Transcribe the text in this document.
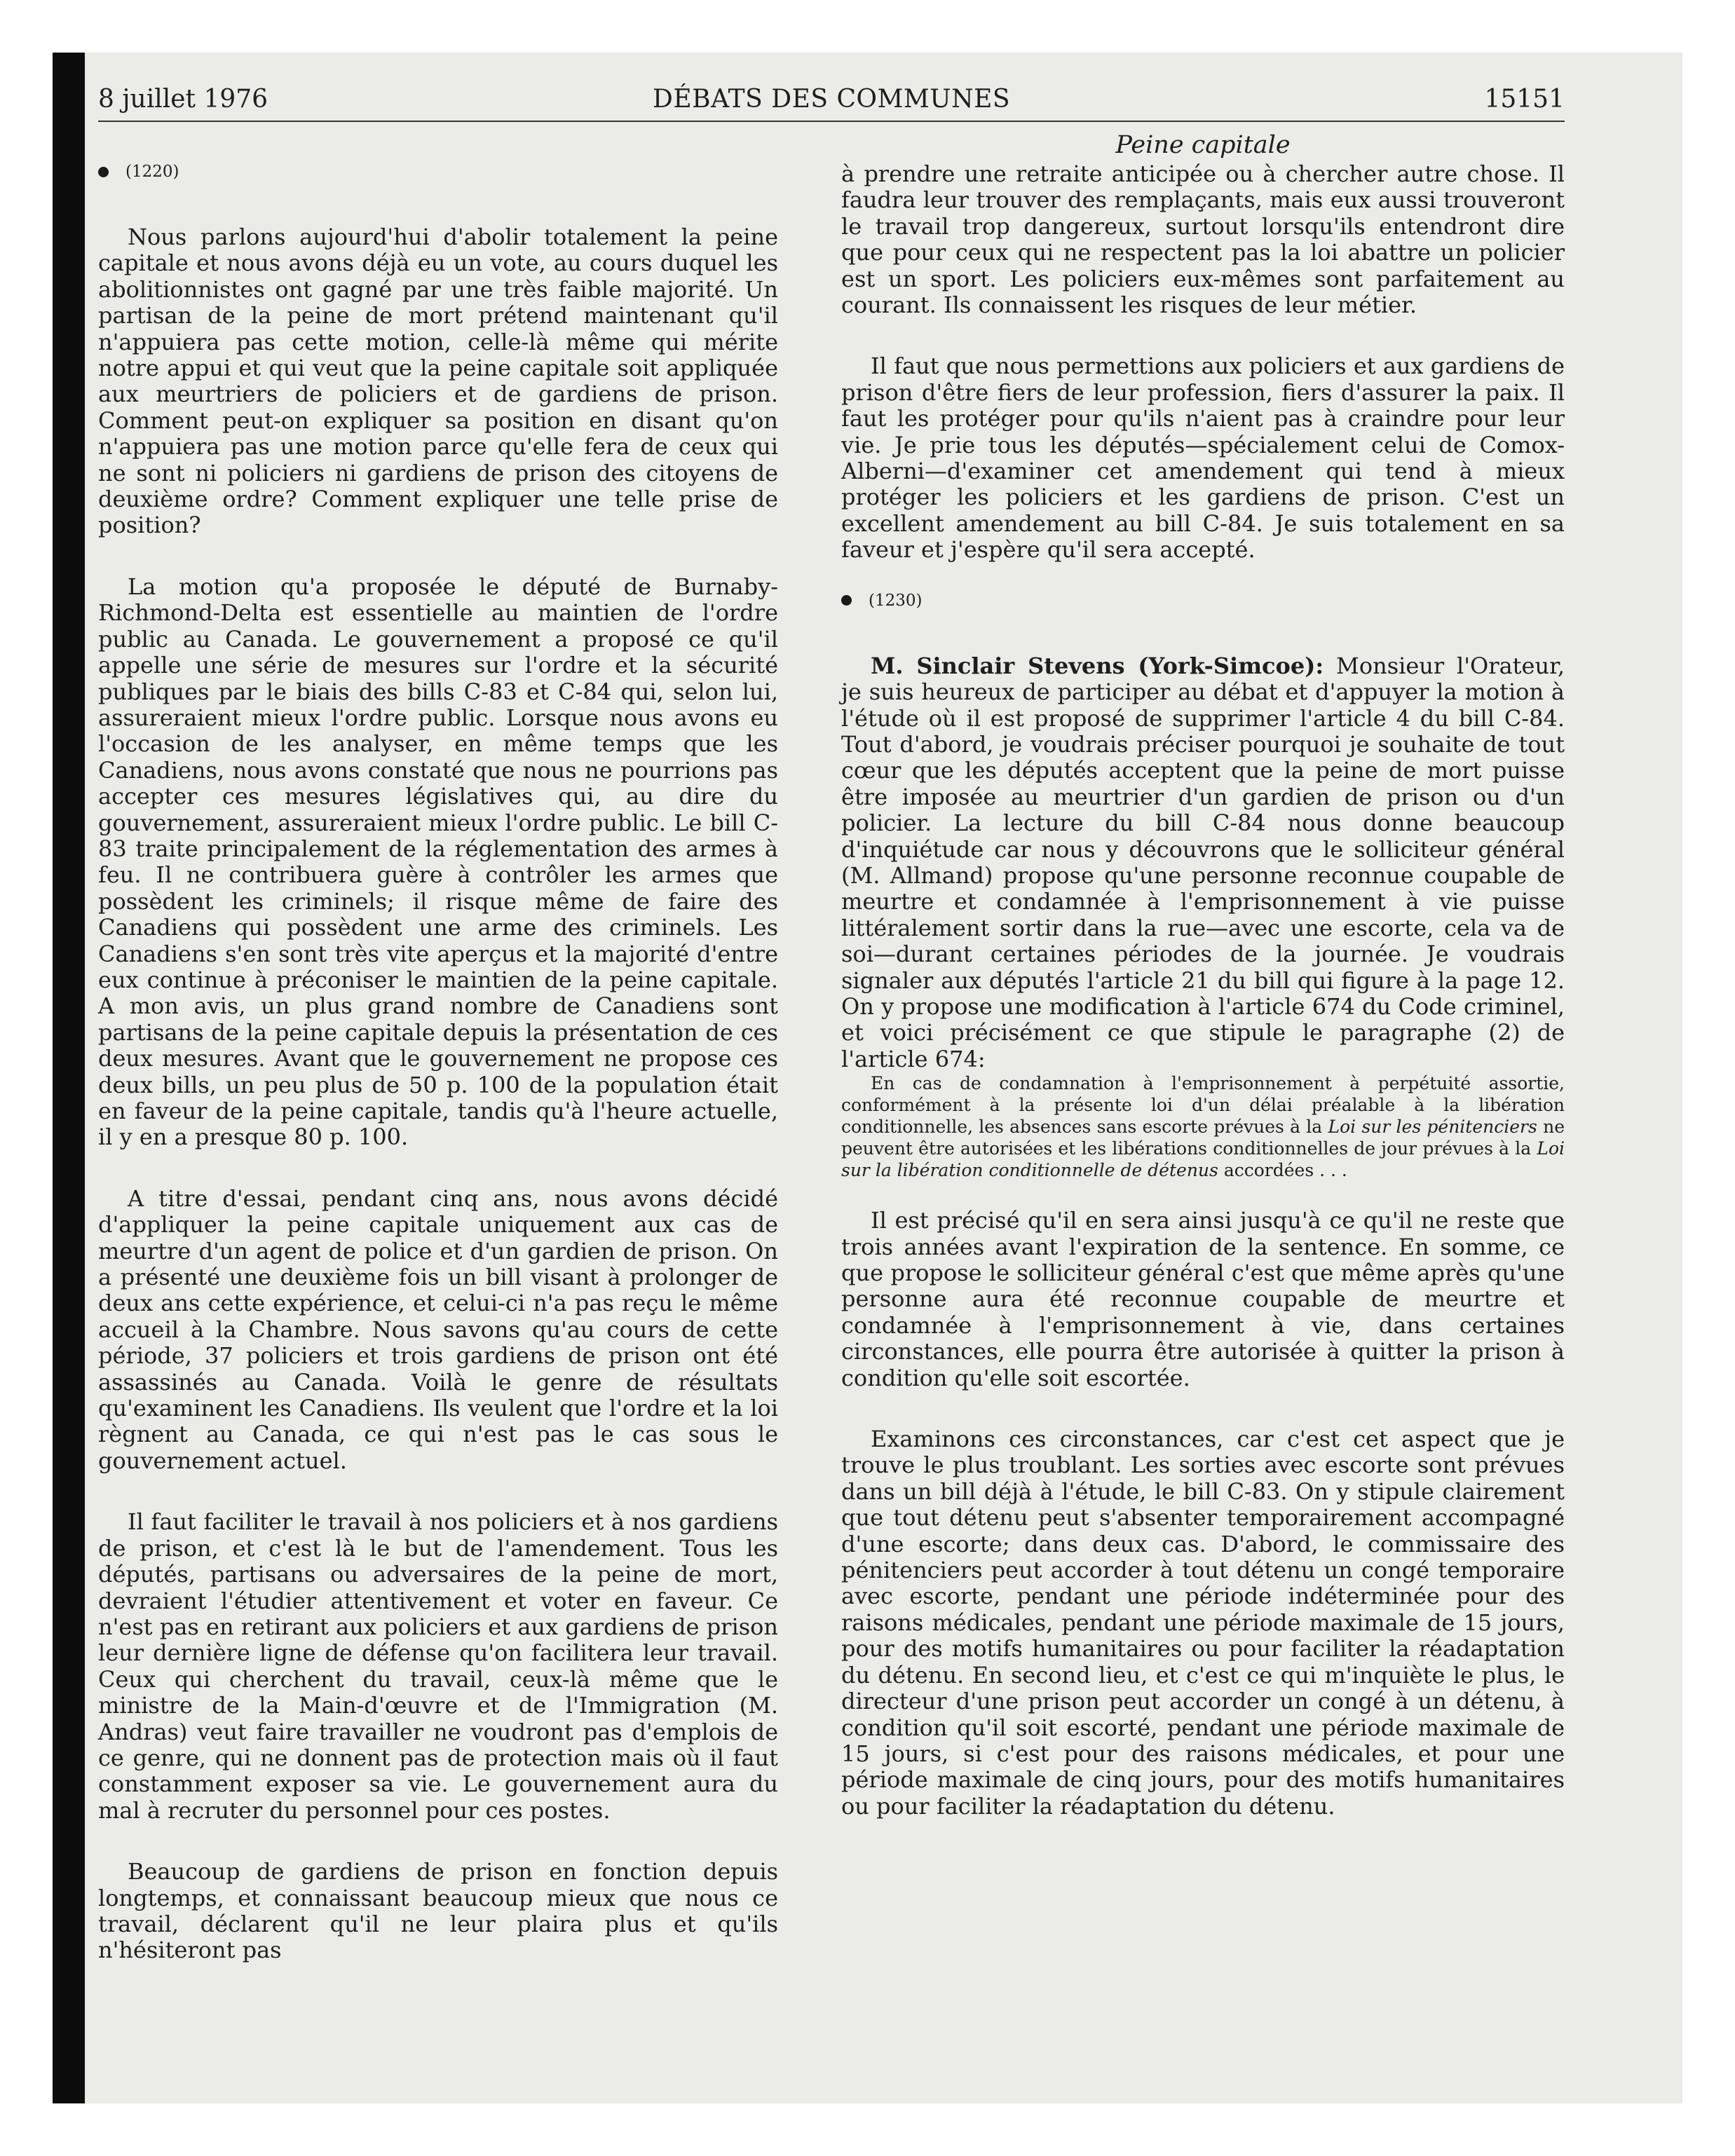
8 juillet 1976	DÉBATS DES COMMUNES	15151
Peine capitale
(1220)

Nous parlons aujourd'hui d'abolir totalement la peine capitale et nous avons déjà eu un vote, au cours duquel les abolitionnistes ont gagné par une très faible majorité. Un partisan de la peine de mort prétend maintenant qu'il n'appuiera pas cette motion, celle-là même qui mérite notre appui et qui veut que la peine capitale soit appliquée aux meurtriers de policiers et de gardiens de prison. Comment peut-on expliquer sa position en disant qu'on n'appuiera pas une motion parce qu'elle fera de ceux qui ne sont ni policiers ni gardiens de prison des citoyens de deuxième ordre? Comment expliquer une telle prise de position?

La motion qu'a proposée le député de Burnaby-Richmond-Delta est essentielle au maintien de l'ordre public au Canada. Le gouvernement a proposé ce qu'il appelle une série de mesures sur l'ordre et la sécurité publiques par le biais des bills C-83 et C-84 qui, selon lui, assureraient mieux l'ordre public. Lorsque nous avons eu l'occasion de les analyser, en même temps que les Canadiens, nous avons constaté que nous ne pourrions pas accepter ces mesures législatives qui, au dire du gouvernement, assureraient mieux l'ordre public. Le bill C-83 traite principalement de la réglementation des armes à feu. Il ne contribuera guère à contrôler les armes que possèdent les criminels; il risque même de faire des Canadiens qui possèdent une arme des criminels. Les Canadiens s'en sont très vite aperçus et la majorité d'entre eux continue à préconiser le maintien de la peine capitale. A mon avis, un plus grand nombre de Canadiens sont partisans de la peine capitale depuis la présentation de ces deux mesures. Avant que le gouvernement ne propose ces deux bills, un peu plus de 50 p. 100 de la population était en faveur de la peine capitale, tandis qu'à l'heure actuelle, il y en a presque 80 p. 100.

A titre d'essai, pendant cinq ans, nous avons décidé d'appliquer la peine capitale uniquement aux cas de meurtre d'un agent de police et d'un gardien de prison. On a présenté une deuxième fois un bill visant à prolonger de deux ans cette expérience, et celui-ci n'a pas reçu le même accueil à la Chambre. Nous savons qu'au cours de cette période, 37 policiers et trois gardiens de prison ont été assassinés au Canada. Voilà le genre de résultats qu'examinent les Canadiens. Ils veulent que l'ordre et la loi règnent au Canada, ce qui n'est pas le cas sous le gouvernement actuel.

Il faut faciliter le travail à nos policiers et à nos gardiens de prison, et c'est là le but de l'amendement. Tous les députés, partisans ou adversaires de la peine de mort, devraient l'étudier attentivement et voter en faveur. Ce n'est pas en retirant aux policiers et aux gardiens de prison leur dernière ligne de défense qu'on facilitera leur travail. Ceux qui cherchent du travail, ceux-là même que le ministre de la Main-d'œuvre et de l'Immigration (M. Andras) veut faire travailler ne voudront pas d'emplois de ce genre, qui ne donnent pas de protection mais où il faut constamment exposer sa vie. Le gouvernement aura du mal à recruter du personnel pour ces postes.

Beaucoup de gardiens de prison en fonction depuis longtemps, et connaissant beaucoup mieux que nous ce travail, déclarent qu'il ne leur plaira plus et qu'ils n'hésiteront pas

à prendre une retraite anticipée ou à chercher autre chose. Il faudra leur trouver des remplaçants, mais eux aussi trouveront le travail trop dangereux, surtout lorsqu'ils entendront dire que pour ceux qui ne respectent pas la loi abattre un policier est un sport. Les policiers eux-mêmes sont parfaitement au courant. Ils connaissent les risques de leur métier.

Il faut que nous permettions aux policiers et aux gardiens de prison d'être fiers de leur profession, fiers d'assurer la paix. Il faut les protéger pour qu'ils n'aient pas à craindre pour leur vie. Je prie tous les députés—spécialement celui de Comox-Alberni—d'examiner cet amendement qui tend à mieux protéger les policiers et les gardiens de prison. C'est un excellent amendement au bill C-84. Je suis totalement en sa faveur et j'espère qu'il sera accepté.

(1230)

M. Sinclair Stevens (York-Simcoe): Monsieur l'Orateur, je suis heureux de participer au débat et d'appuyer la motion à l'étude où il est proposé de supprimer l'article 4 du bill C-84. Tout d'abord, je voudrais préciser pourquoi je souhaite de tout cœur que les députés acceptent que la peine de mort puisse être imposée au meurtrier d'un gardien de prison ou d'un policier. La lecture du bill C-84 nous donne beaucoup d'inquiétude car nous y découvrons que le solliciteur général (M. Allmand) propose qu'une personne reconnue coupable de meurtre et condamnée à l'emprisonnement à vie puisse littéralement sortir dans la rue—avec une escorte, cela va de soi—durant certaines périodes de la journée. Je voudrais signaler aux députés l'article 21 du bill qui figure à la page 12. On y propose une modification à l'article 674 du Code criminel, et voici précisément ce que stipule le paragraphe (2) de l'article 674:

En cas de condamnation à l'emprisonnement à perpétuité assortie, conformément à la présente loi d'un délai préalable à la libération conditionnelle, les absences sans escorte prévues à la Loi sur les pénitenciers ne peuvent être autorisées et les libérations conditionnelles de jour prévues à la Loi sur la libération conditionnelle de détenus accordées . . .

Il est précisé qu'il en sera ainsi jusqu'à ce qu'il ne reste que trois années avant l'expiration de la sentence. En somme, ce que propose le solliciteur général c'est que même après qu'une personne aura été reconnue coupable de meurtre et condamnée à l'emprisonnement à vie, dans certaines circonstances, elle pourra être autorisée à quitter la prison à condition qu'elle soit escortée.

Examinons ces circonstances, car c'est cet aspect que je trouve le plus troublant. Les sorties avec escorte sont prévues dans un bill déjà à l'étude, le bill C-83. On y stipule clairement que tout détenu peut s'absenter temporairement accompagné d'une escorte; dans deux cas. D'abord, le commissaire des pénitenciers peut accorder à tout détenu un congé temporaire avec escorte, pendant une période indéterminée pour des raisons médicales, pendant une période maximale de 15 jours, pour des motifs humanitaires ou pour faciliter la réadaptation du détenu. En second lieu, et c'est ce qui m'inquiète le plus, le directeur d'une prison peut accorder un congé à un détenu, à condition qu'il soit escorté, pendant une période maximale de 15 jours, si c'est pour des raisons médicales, et pour une période maximale de cinq jours, pour des motifs humanitaires ou pour faciliter la réadaptation du détenu.
